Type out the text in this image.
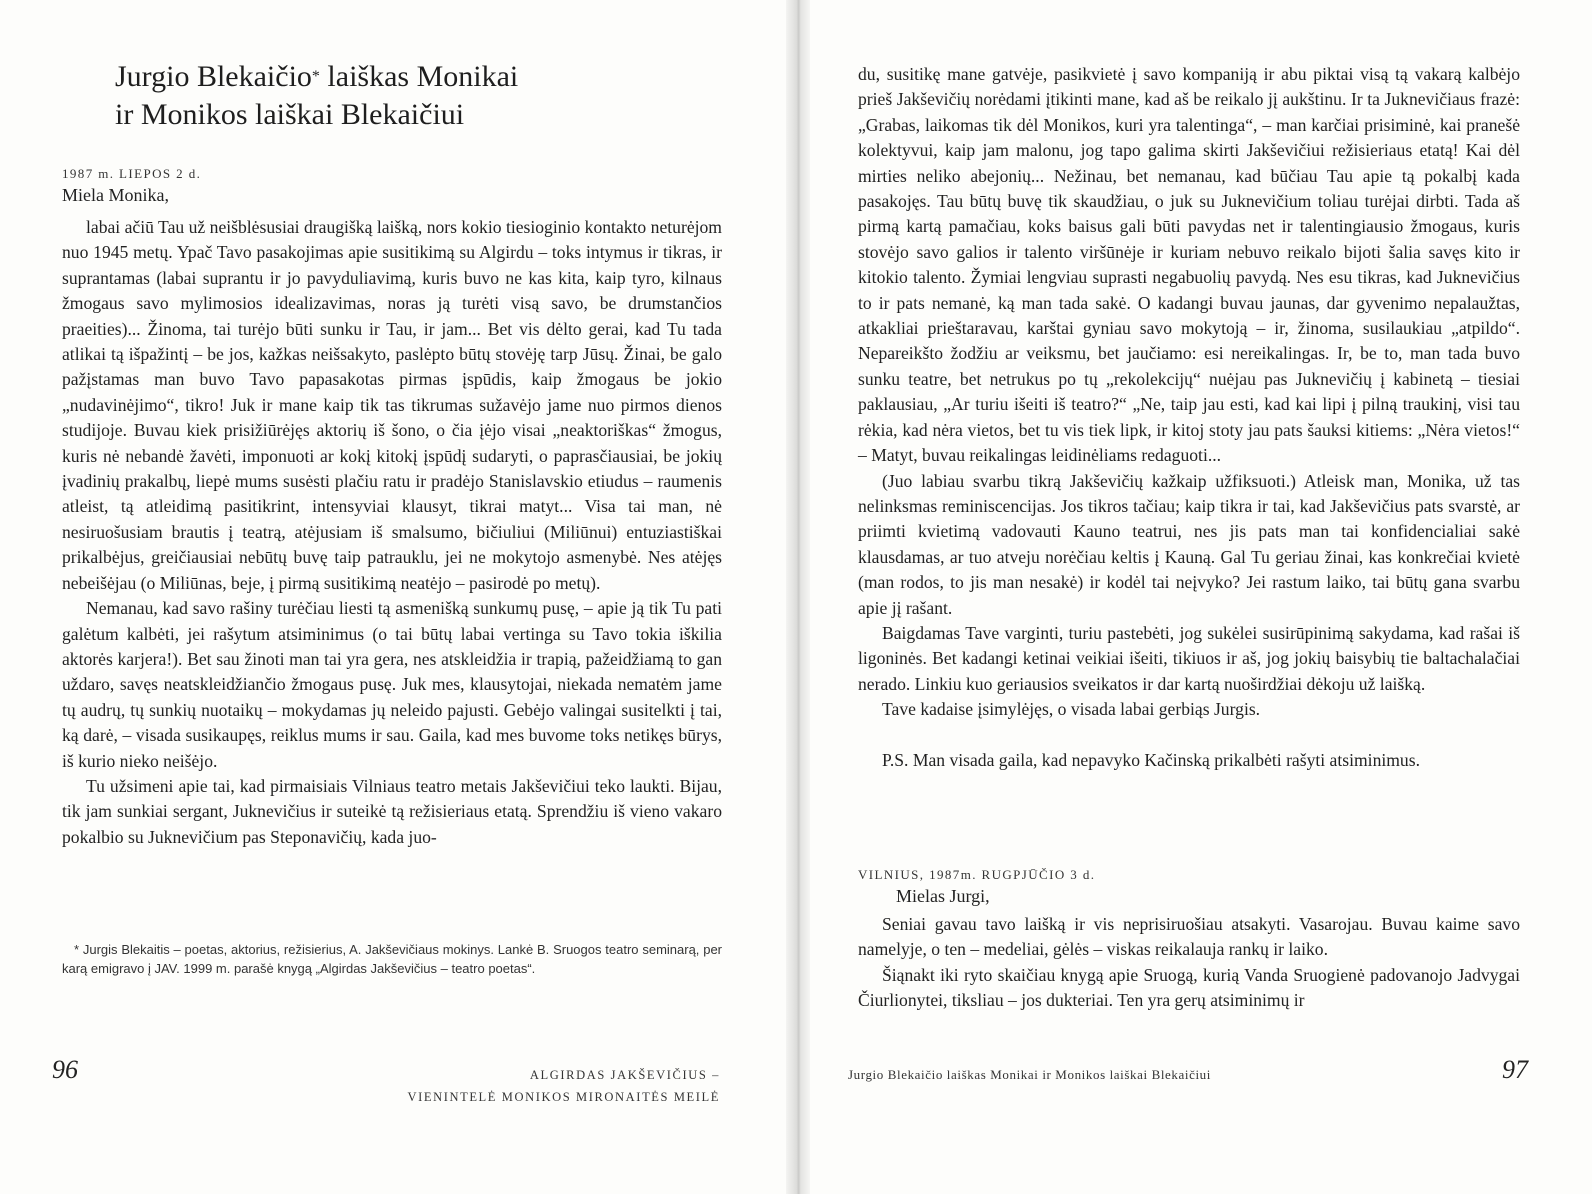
Jurgio Blekaičio* laiškas Monikai
ir Monikos laiškai Blekaičiui
1987 m. LIEPOS 2 d.
Miela Monika,

labai ačiū Tau už neišblėsusiai draugišką laišką, nors kokio tiesioginio kontakto neturėjom nuo 1945 metų. Ypač Tavo pasakojimas apie susitikimą su Algirdu – toks intymus ir tikras, ir suprantamas (labai suprantu ir jo pavyduliavimą, kuris buvo ne kas kita, kaip tyro, kilnaus žmogaus savo mylimosios idealizavimas, noras ją turėti visą savo, be drumstančios praeities)... Žinoma, tai turėjo būti sunku ir Tau, ir jam... Bet vis dėlto gerai, kad Tu tada atlikai tą išpažintį – be jos, kažkas neišsakyto, paslėpto būtų stovėję tarp Jūsų. Žinai, be galo pažįstamas man buvo Tavo papasakotas pirmas įspūdis, kaip žmogaus be jokio „nudavinėjimo“, tikro! Juk ir mane kaip tik tas tikrumas sužavėjo jame nuo pirmos dienos studijoje. Buvau kiek prisižiūrėjęs aktorių iš šono, o čia įėjo visai „neaktoriškas“ žmogus, kuris nė nebandė žavėti, imponuoti ar kokį kitokį įspūdį sudaryti, o paprasčiausiai, be jokių įvadinių prakalbų, liepė mums susėsti plačiu ratu ir pradėjo Stanislavskio etiudus – raumenis atleist, tą atleidimą pasitikrint, intensyviai klausyt, tikrai matyt... Visa tai man, nė nesiruošusiam brautis į teatrą, atėjusiam iš smalsumo, bičiuliui (Miliūnui) entuziastiškai prikalbėjus, greičiausiai nebūtų buvę taip patrauklu, jei ne mokytojo asmenybė. Nes atėjęs nebeišėjau (o Miliūnas, beje, į pirmą susitikimą neatėjo – pasirodė po metų).

Nemanau, kad savo rašiny turėčiau liesti tą asmenišką sunkumų pusę, – apie ją tik Tu pati galėtum kalbėti, jei rašytum atsiminimus (o tai būtų labai vertinga su Tavo tokia iškilia aktorės karjera!). Bet sau žinoti man tai yra gera, nes atskleidžia ir trapią, pažeidžiamą to gan uždaro, savęs neatskleidžiančio žmogaus pusę. Juk mes, klausytojai, niekada nematėm jame tų audrų, tų sunkių nuotaikų – mokydamas jų neleido pajusti. Gebėjo valingai susitelkti į tai, ką darė, – visada susikaupęs, reiklus mums ir sau. Gaila, kad mes buvome toks netikęs būrys, iš kurio nieko neišėjo.

Tu užsimeni apie tai, kad pirmaisiais Vilniaus teatro metais Jakševičiui teko laukti. Bijau, tik jam sunkiai sergant, Juknevičius ir suteikė tą režisieriaus etatą. Sprendžiu iš vieno vakaro pokalbio su Juknevičium pas Steponavičių, kada juo-

* Jurgis Blekaitis – poetas, aktorius, režisierius, A. Jakševičiaus mokinys. Lankė B. Sruogos teatro seminarą, per karą emigravo į JAV. 1999 m. parašė knygą „Algirdas Jakševičius – teatro poetas“.

96	ALGIRDAS JAKŠEVIČIUS –
VIENINTELĖ MONIKOS MIRONAITĖS MEILĖ

du, susitikę mane gatvėje, pasikvietė į savo kompaniją ir abu piktai visą tą vakarą kalbėjo prieš Jakševičių norėdami įtikinti mane, kad aš be reikalo jį aukštinu. Ir ta Juknevičiaus frazė: „Grabas, laikomas tik dėl Monikos, kuri yra talentinga“, – man karčiai prisiminė, kai pranešė kolektyvui, kaip jam malonu, jog tapo galima skirti Jakševičiui režisieriaus etatą! Kai dėl mirties neliko abejonių... Nežinau, bet nemanau, kad būčiau Tau apie tą pokalbį kada pasakojęs. Tau būtų buvę tik skaudžiau, o juk su Juknevičium toliau turėjai dirbti. Tada aš pirmą kartą pamačiau, koks baisus gali būti pavydas net ir talentingiausio žmogaus, kuris stovėjo savo galios ir talento viršūnėje ir kuriam nebuvo reikalo bijoti šalia savęs kito ir kitokio talento. Žymiai lengviau suprasti negabuolių pavydą. Nes esu tikras, kad Juknevičius to ir pats nemanė, ką man tada sakė. O kadangi buvau jaunas, dar gyvenimo nepalaužtas, atkakliai prieštaravau, karštai gyniau savo mokytoją – ir, žinoma, susilaukiau „atpildo“. Nepareikšto žodžiu ar veiksmu, bet jaučiamo: esi nereikalingas. Ir, be to, man tada buvo sunku teatre, bet netrukus po tų „rekolekcijų“ nuėjau pas Juknevičių į kabinetą – tiesiai paklausiau, „Ar turiu išeiti iš teatro?“ „Ne, taip jau esti, kad kai lipi į pilną traukinį, visi tau rėkia, kad nėra vietos, bet tu vis tiek lipk, ir kitoj stoty jau pats šauksi kitiems: „Nėra vietos!“ – Matyt, buvau reikalingas leidinėliams redaguoti...

(Juo labiau svarbu tikrą Jakševičių kažkaip užfiksuoti.) Atleisk man, Monika, už tas nelinksmas reminiscencijas. Jos tikros tačiau; kaip tikra ir tai, kad Jakševičius pats svarstė, ar priimti kvietimą vadovauti Kauno teatrui, nes jis pats man tai konfidencialiai sakė klausdamas, ar tuo atveju norėčiau keltis į Kauną. Gal Tu geriau žinai, kas konkrečiai kvietė (man rodos, to jis man nesakė) ir kodėl tai neįvyko? Jei rastum laiko, tai būtų gana svarbu apie jį rašant.

Baigdamas Tave varginti, turiu pastebėti, jog sukėlei susirūpinimą sakydama, kad rašai iš ligoninės. Bet kadangi ketinai veikiai išeiti, tikiuos ir aš, jog jokių baisybių tie baltachalačiai nerado. Linkiu kuo geriausios sveikatos ir dar kartą nuoširdžiai dėkoju už laišką.

Tave kadaise įsimylėjęs, o visada labai gerbiąs Jurgis.

P.S. Man visada gaila, kad nepavyko Kačinską prikalbėti rašyti atsiminimus.

VILNIUS, 1987m. RUGPJŪČIO 3 d.
Mielas Jurgi,

Seniai gavau tavo laišką ir vis neprisiruošiau atsakyti. Vasarojau. Buvau kaime savo namelyje, o ten – medeliai, gėlės – viskas reikalauja rankų ir laiko.

Šiąnakt iki ryto skaičiau knygą apie Sruogą, kurią Vanda Sruogienė padovanojo Jadvygai Čiurlionytei, tiksliau – jos dukteriai. Ten yra gerų atsiminimų ir

Jurgio Blekaičio laiškas Monikai ir Monikos laiškai Blekaičiui	97
